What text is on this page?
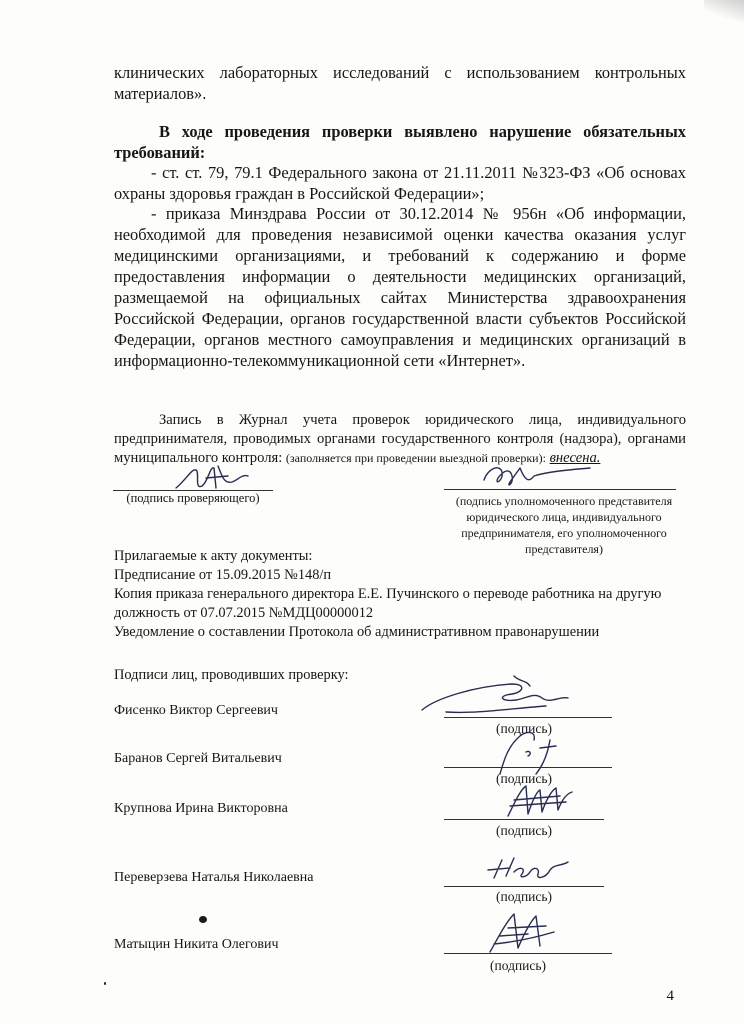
клинических лабораторных исследований с использованием контрольных материалов».
В ходе проведения проверки выявлено нарушение обязательных требований:
- ст. ст. 79, 79.1 Федерального закона от 21.11.2011 №323-ФЗ «Об основах охраны здоровья граждан в Российской Федерации»;
- приказа Минздрава России от 30.12.2014 № 956н «Об информации, необходимой для проведения независимой оценки качества оказания услуг медицинскими организациями, и требований к содержанию и форме предоставления информации о деятельности медицинских организаций, размещаемой на официальных сайтах Министерства здравоохранения Российской Федерации, органов государственной власти субъектов Российской Федерации, органов местного самоуправления и медицинских организаций в информационно-телекоммуникационной сети «Интернет».
Запись в Журнал учета проверок юридического лица, индивидуального предпринимателя, проводимых органами государственного контроля (надзора), органами муниципального контроля: (заполняется при проведении выездной проверки): внесена.
(подпись проверяющего)	(подпись уполномоченного представителя юридического лица, индивидуального предпринимателя, его уполномоченного представителя)
Прилагаемые к акту документы:
Предписание от 15.09.2015 №148/п
Копия приказа генерального директора Е.Е. Пучинского о переводе работника на другую должность от 07.07.2015 №МДЦ00000012
Уведомление о составлении Протокола об административном правонарушении
Подписи лиц, проводивших проверку:
Фисенко Виктор Сергеевич
(подпись)
Баранов Сергей Витальевич
(подпись)
Крупнова Ирина Викторовна
(подпись)
Переверзева Наталья Николаевна
(подпись)
Матыцин Никита Олегович
(подпись)
4
